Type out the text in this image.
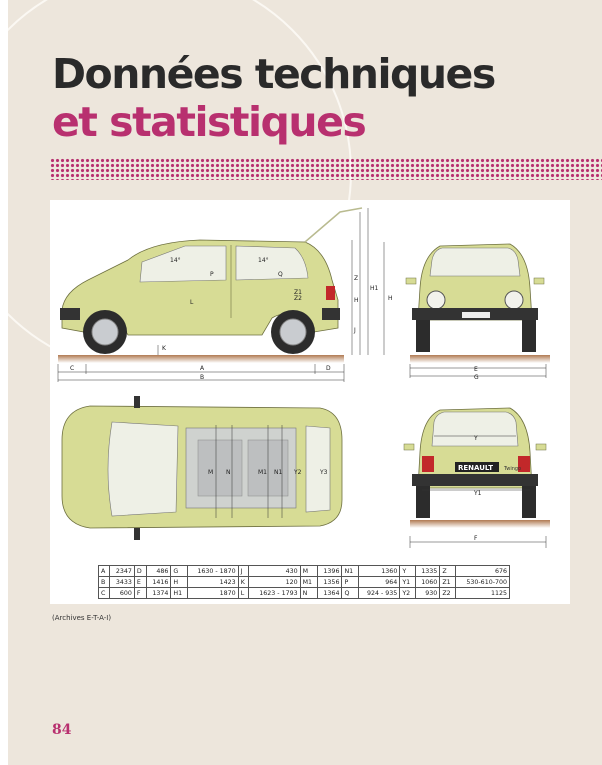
Données techniques
et statistiques
14°	14°
C	A	D
B
K
P	Q
L
Z
Z1
Z2	H
H1
J
H
E
G
M N	M1 N1 Y2	Y3
Y
Y1
F
RENAULT Twingo
A	2347	D	486	G	1630 - 1870	J	430	M	1396	N1	1360	Y	1335	Z	676
B	3433	E	1416	H	1423	K	120	M1	1356	P	964	Y1	1060	Z1	530-610-700
C	600	F	1374	H1	1870	L	1623 - 1793	N	1364	Q	924 - 935	Y2	930	Z2	1125
(Archives E-T-A-I)
84
